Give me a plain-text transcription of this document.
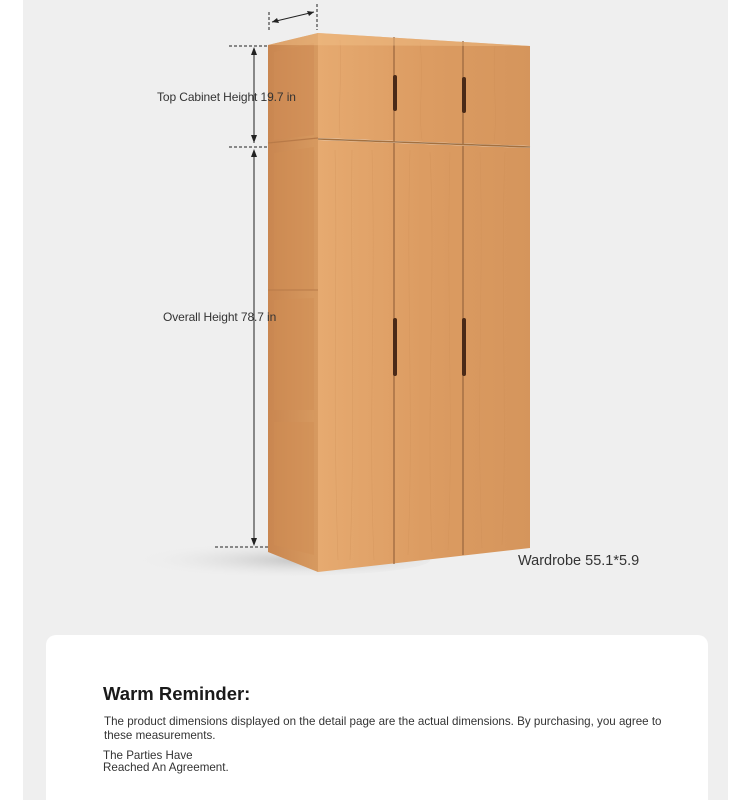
Top Cabinet Height 19.7 in
Overall Height 78.7 in
Wardrobe 55.1*5.9
Warm Reminder:
The product dimensions displayed on the detail page are the actual dimensions. By purchasing, you agree to these measurements.
The Parties Have
Reached An Agreement.
